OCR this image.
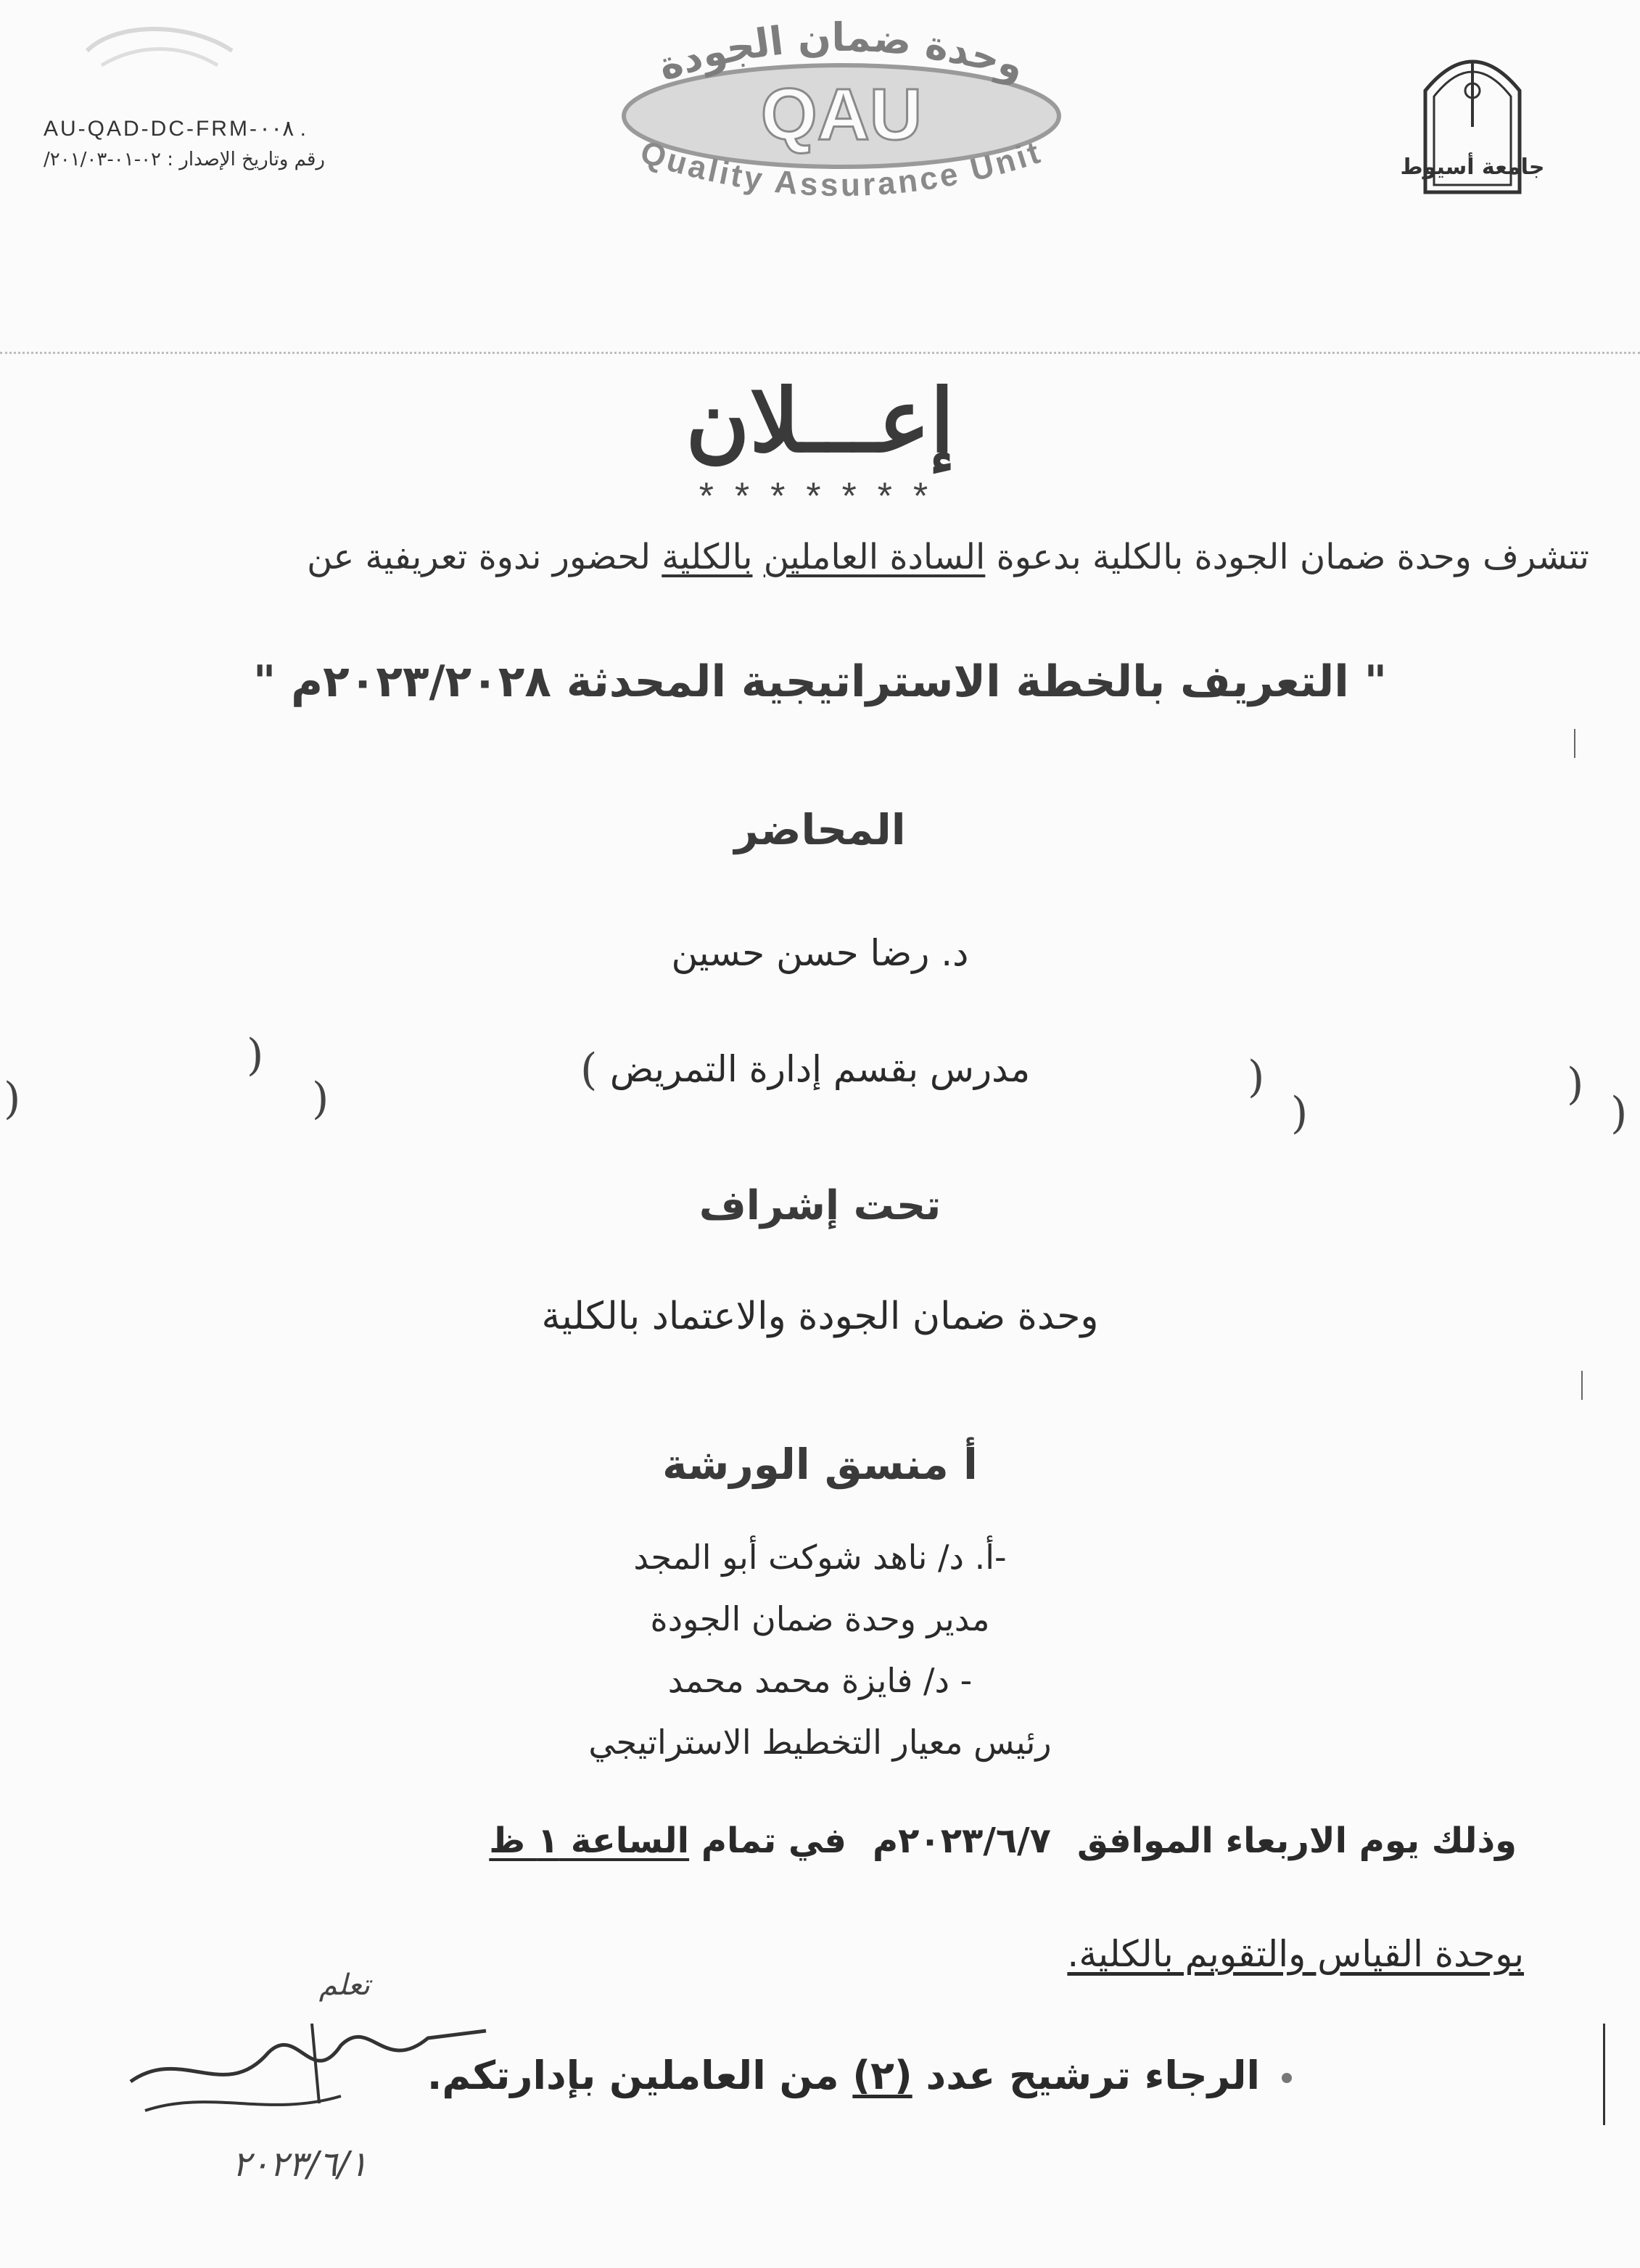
AU-QAD-DC-FRM-٠٠٨ .
رقم وتاريخ الإصدار : ٠٢-٠١-٢٠١/٠٣/
وحدة ضمان الجودة
QAU
Quality Assurance Unit	جامعة أسيوط
إعـــلان
*******
تتشرف وحدة ضمان الجودة بالكلية بدعوة السادة العاملين بالكلية لحضور ندوة تعريفية عن
" التعريف بالخطة الاستراتيجية المحدثة ٢٠٢٣/٢٠٢٨م "
المحاضر
د. رضا حسن حسين
مدرس بقسم إدارة التمريض
تحت إشراف
وحدة ضمان الجودة والاعتماد بالكلية
أ منسق الورشة
-أ. د/ ناهد شوكت أبو المجد
مدير وحدة ضمان الجودة
- د/ فايزة محمد محمد
رئيس معيار التخطيط الاستراتيجي
وذلك يوم الاربعاء الموافق٢٠٢٣/٦/٧مفي تمام الساعة ١ ظ
بوحدة القياس والتقويم بالكلية.
الرجاء ترشيح عدد (٢) من العاملين بإدارتكم.
)
)
(	)
)
)
)
)
تعلم
٢٠٢٣/٦/١
